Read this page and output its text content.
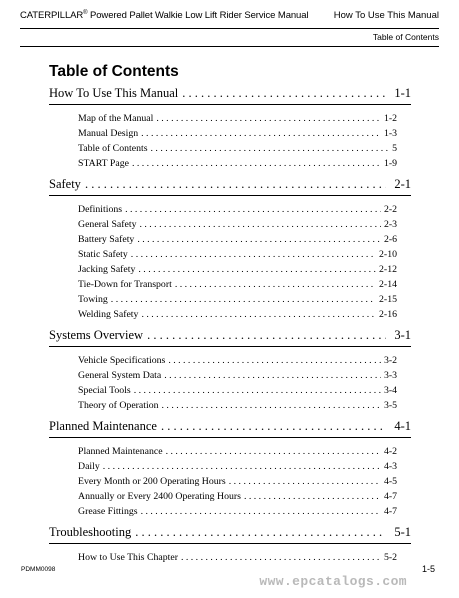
CATERPILLAR® Powered Pallet Walkie Low Lift Rider Service Manual	How To Use This Manual
Table of Contents
Table of Contents
How To Use This Manual . . .	1-1
Map of the Manual . . .	1-2
Manual Design . . .	1-3
Table of Contents . . .	5
START Page . . .	1-9
Safety . . .	2-1
Definitions . . .	2-2
General Safety . . .	2-3
Battery Safety . . .	2-6
Static Safety . . .	2-10
Jacking Safety . . .	2-12
Tie-Down for Transport . . .	2-14
Towing . . .	2-15
Welding Safety . . .	2-16
Systems Overview . . .	3-1
Vehicle Specifications . . .	3-2
General System Data . . .	3-3
Special Tools . . .	3-4
Theory of Operation . . .	3-5
Planned Maintenance . . .	4-1
Planned Maintenance . . .	4-2
Daily . . .	4-3
Every Month or 200 Operating Hours . . .	4-5
Annually or Every 2400 Operating Hours . . .	4-7
Grease Fittings . . .	4-7
Troubleshooting . . .	5-1
How to Use This Chapter . . .	5-2
PDMM0098	1-5
www.epcatalogs.com
